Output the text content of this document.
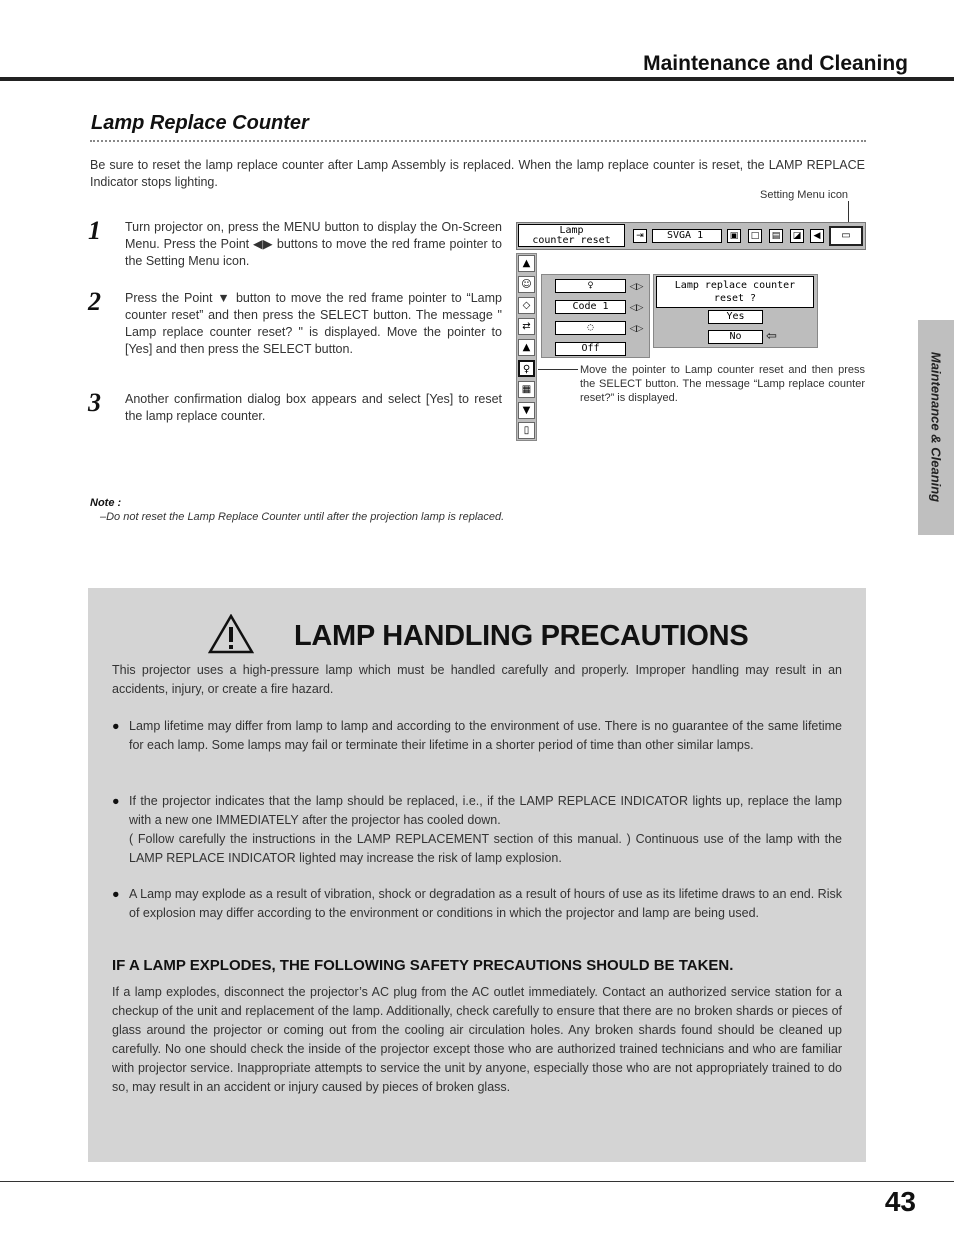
Maintenance and Cleaning
Maintenance & Cleaning
Lamp Replace Counter
Be sure to reset the lamp replace counter after Lamp Assembly is replaced. When the lamp replace counter is reset, the LAMP REPLACE Indicator stops lighting.
Setting Menu icon
1 Turn projector on, press the MENU button to display the On-Screen Menu. Press the Point ◀▶ buttons to move the red frame pointer to the Setting Menu icon.
2 Press the Point ▼ button to move the red frame pointer to “Lamp counter reset” and then press the SELECT button. The message " Lamp replace counter reset? " is displayed. Move the pointer to [Yes] and then press the SELECT button.
3 Another confirmation dialog box appears and select [Yes] to reset the lamp replace counter.
Lamp
counter reset	⇥	SVGA 1	▣	□	▤	◪	◀	▭
▲
☺
◇
⇄
▲
♀
▦
▼
▯
♀
Code 1
◌
Off
◁▷
◁▷
◁▷
Lamp replace counter
reset ?
Yes
No	⇦
Move the pointer to Lamp counter reset and then press the SELECT button. The message “Lamp replace counter reset?” is displayed.
Note :
–Do not reset the Lamp Replace Counter until after the projection lamp is replaced.
LAMP HANDLING PRECAUTIONS
This projector uses a high-pressure lamp which must be handled carefully and properly. Improper handling may result in an accidents, injury, or create a fire hazard.
● Lamp lifetime may differ from lamp to lamp and according to the environment of use. There is no guarantee of the same lifetime for each lamp. Some lamps may fail or terminate their lifetime in a shorter period of time than other similar lamps.
● If the projector indicates that the lamp should be replaced, i.e., if the LAMP REPLACE INDICATOR lights up, replace the lamp with a new one IMMEDIATELY after the projector has cooled down.
( Follow carefully the instructions in the LAMP REPLACEMENT section of this manual. ) Continuous use of the lamp with the LAMP REPLACE INDICATOR lighted may increase the risk of lamp explosion.
● A Lamp may explode as a result of vibration, shock or degradation as a result of hours of use as its lifetime draws to an end. Risk of explosion may differ according to the environment or conditions in which the projector and lamp are being used.
IF A LAMP EXPLODES, THE FOLLOWING SAFETY PRECAUTIONS SHOULD BE TAKEN.
If a lamp explodes, disconnect the projector’s AC plug from the AC outlet immediately. Contact an authorized service station for a checkup of the unit and replacement of the lamp. Additionally, check carefully to ensure that there are no broken shards or pieces of glass around the projector or coming out from the cooling air circulation holes. Any broken shards found should be cleaned up carefully. No one should check the inside of the projector except those who are authorized trained technicians and who are familiar with projector service. Inappropriate attempts to service the unit by anyone, especially those who are not appropriately trained to do so, may result in an accident or injury caused by pieces of broken glass.
43
